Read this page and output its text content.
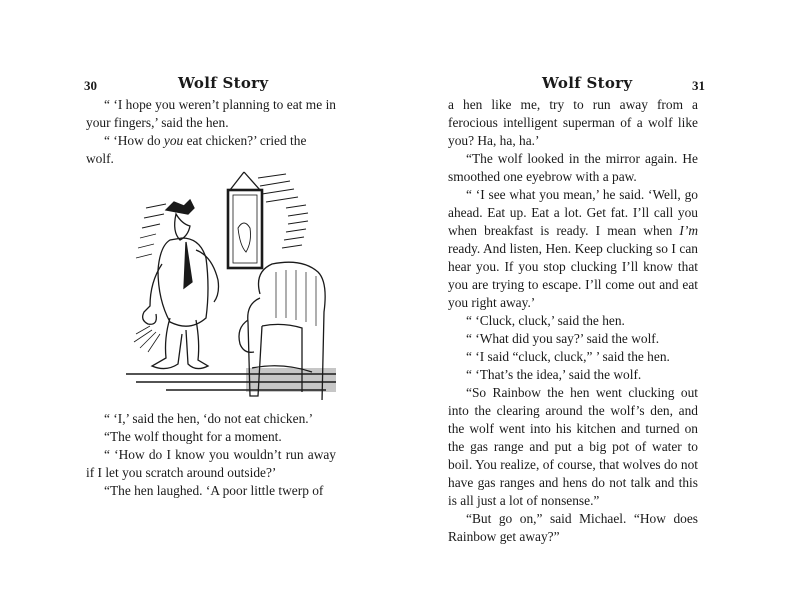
30	Wolf Story

“ ‘I hope you weren’t planning to eat me in your fingers,’ said the hen.

“ ‘How do you eat chicken?’ cried the

wolf.

“ ‘I,’ said the hen, ‘do not eat chicken.’

“The wolf thought for a moment.

“ ‘How do I know you wouldn’t run away if I let you scratch around outside?’

“The hen laughed. ‘A poor little twerp of

Wolf Story	31

a hen like me, try to run away from a ferocious intelligent superman of a wolf like you? Ha, ha, ha.’

“The wolf looked in the mirror again. He smoothed one eyebrow with a paw.

“ ‘I see what you mean,’ he said. ‘Well, go ahead. Eat up. Eat a lot. Get fat. I’ll call you when breakfast is ready. I mean when I’m ready. And listen, Hen. Keep clucking so I can hear you. If you stop clucking I’ll know that you are trying to escape. I’ll come out and eat you right away.’

“ ‘Cluck, cluck,’ said the hen.

“ ‘What did you say?’ said the wolf.

“ ‘I said “cluck, cluck,” ’ said the hen.

“ ‘That’s the idea,’ said the wolf.

“So Rainbow the hen went clucking out into the clearing around the wolf’s den, and the wolf went into his kitchen and turned on the gas range and put a big pot of water to boil. You realize, of course, that wolves do not have gas ranges and hens do not talk and this is all just a lot of nonsense.”

“But go on,” said Michael. “How does Rainbow get away?”
